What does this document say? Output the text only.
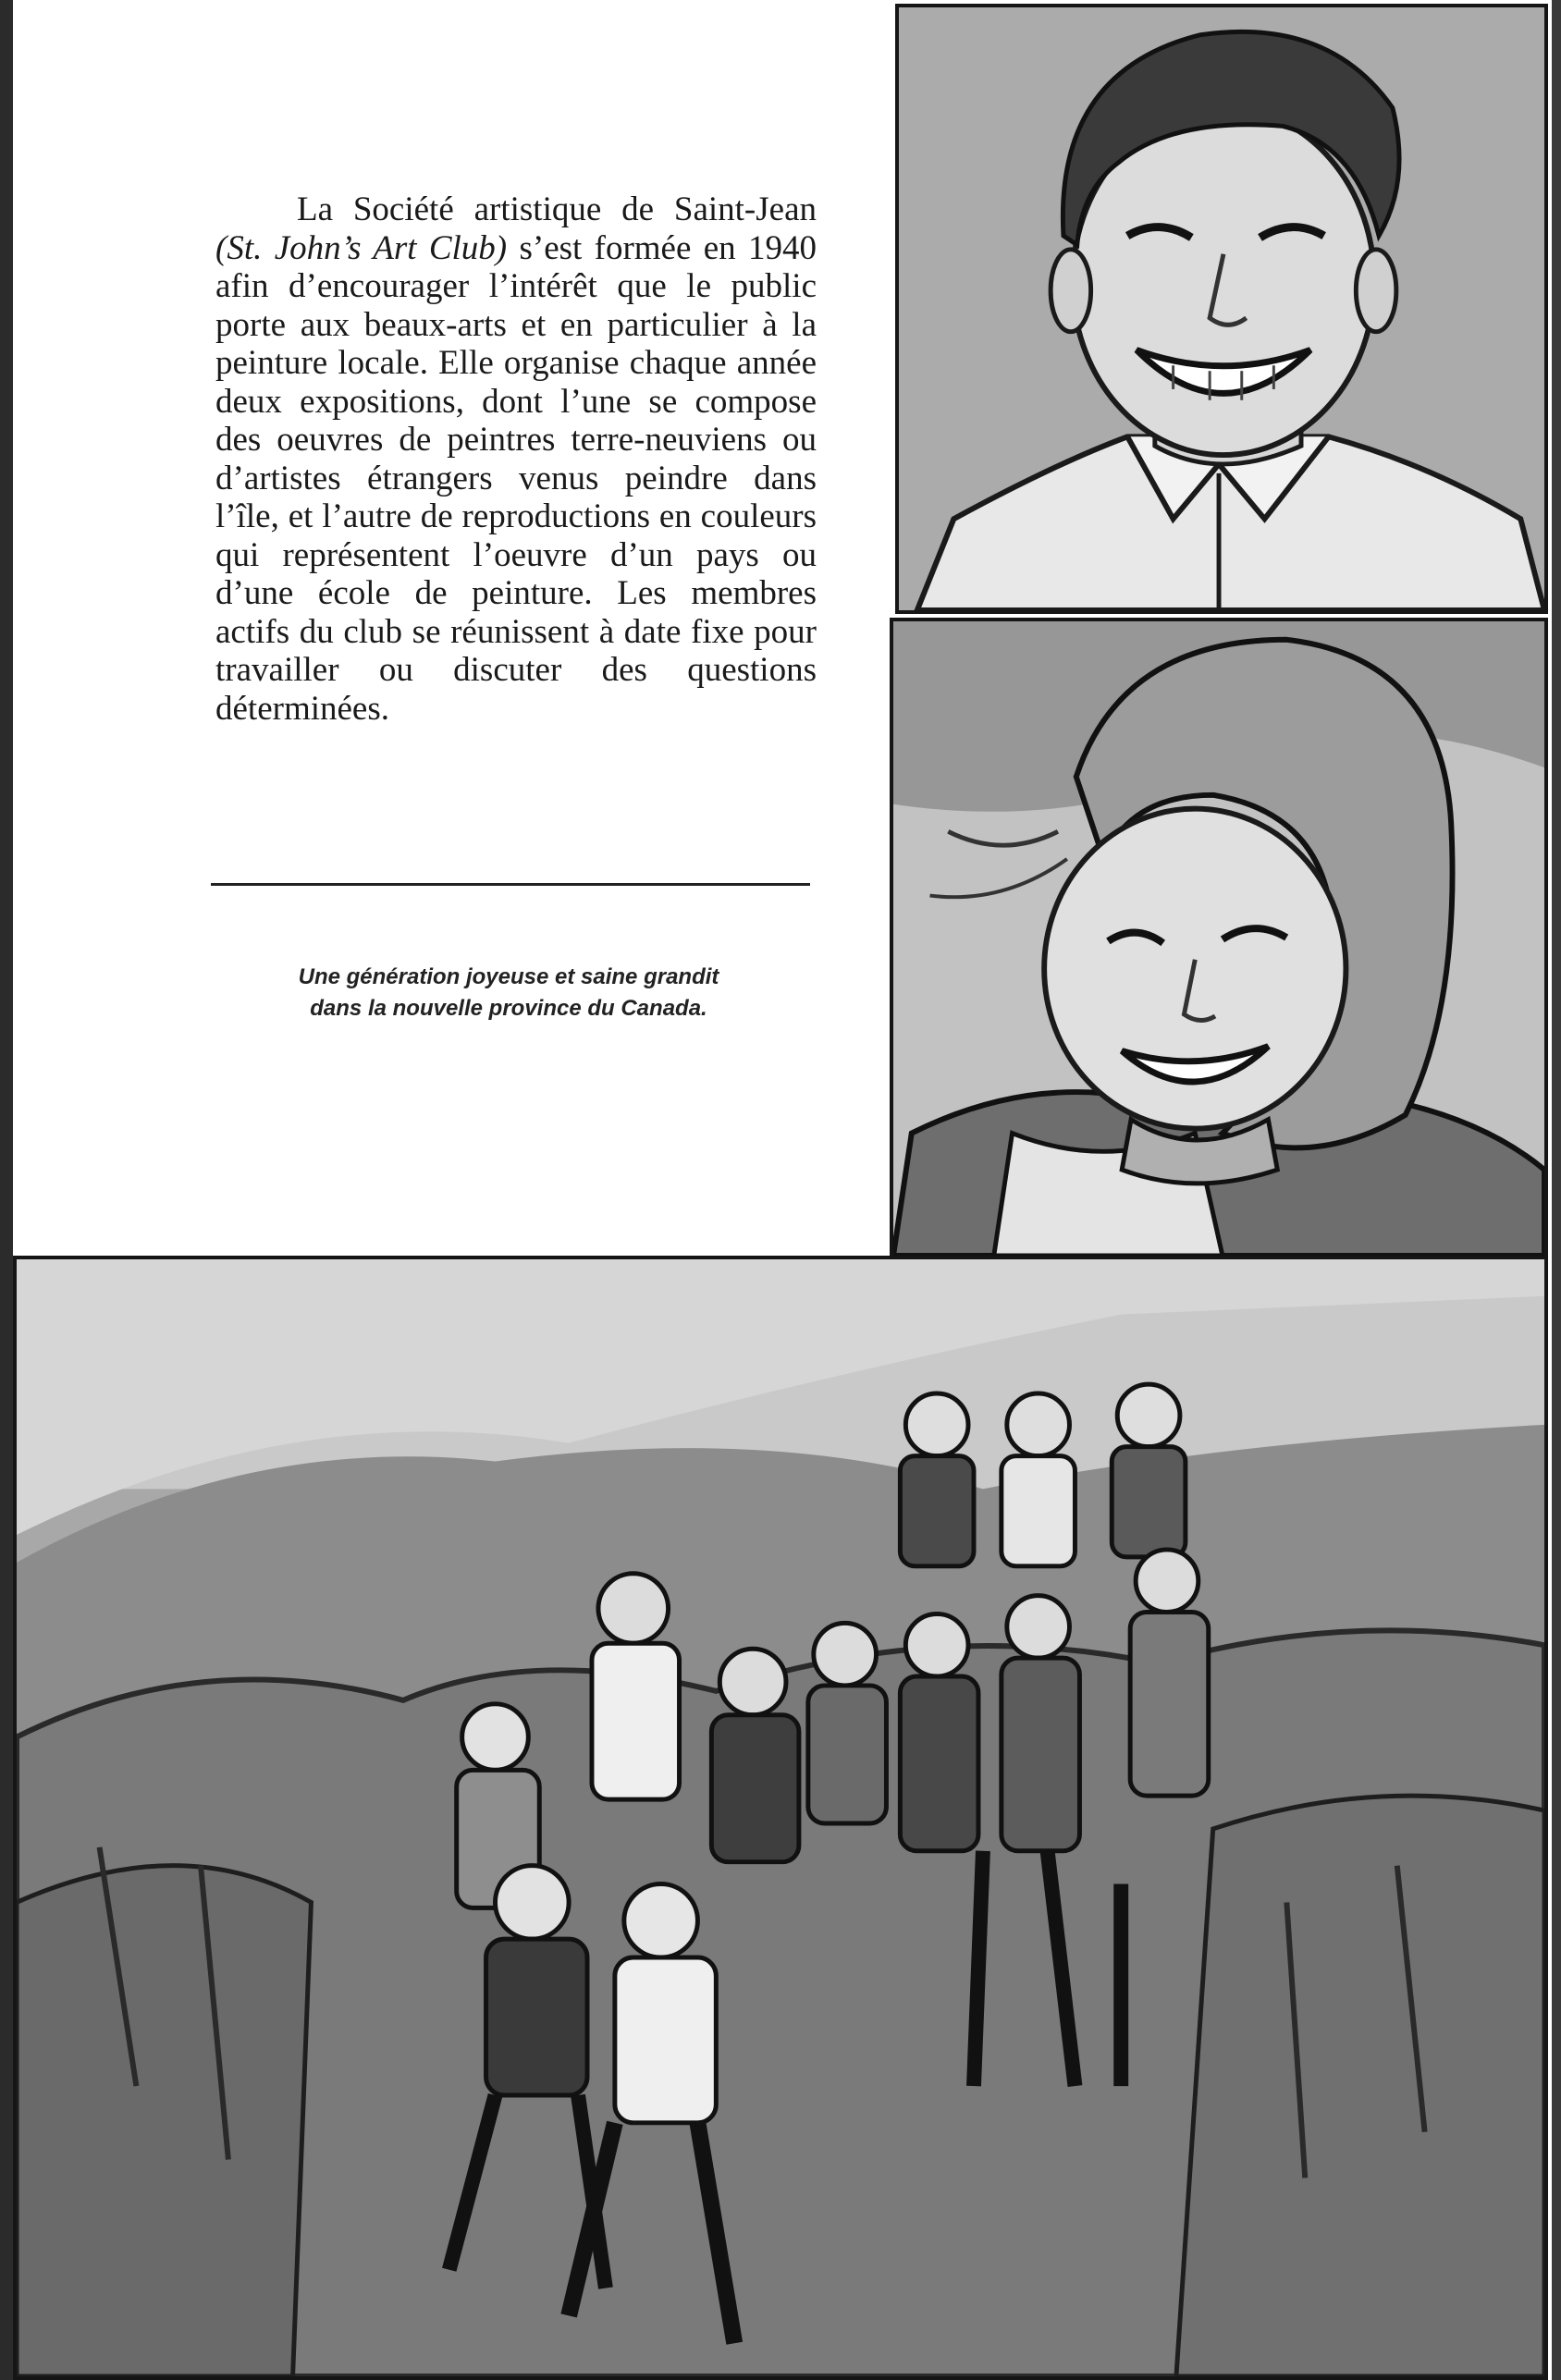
La Société artistique de Saint-Jean (St. John’s Art Club) s’est formée en 1940 afin d’encourager l’intérêt que le public porte aux beaux-arts et en particulier à la peinture locale. Elle organise chaque année deux expositions, dont l’une se compose des oeuvres de peintres terre-neuviens ou d’artistes étrangers venus peindre dans l’île, et l’autre de reproductions en couleurs qui représentent l’oeuvre d’un pays ou d’une école de peinture. Les membres actifs du club se réunissent à date fixe pour travailler ou discuter des questions déterminées.

Une génération joyeuse et saine grandit
dans la nouvelle province du Canada.
